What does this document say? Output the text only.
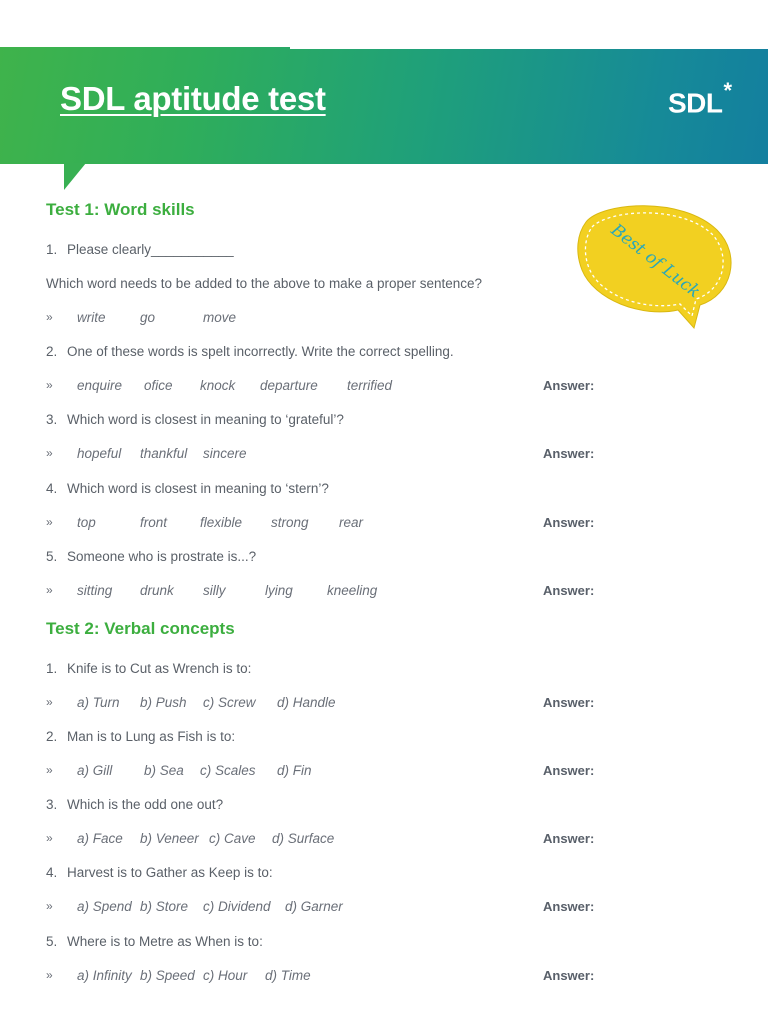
SDL aptitude test	SDL*
Best of Luck
Test 1: Word skills
1. Please clearly___________
Which word needs to be added to the above to make a proper sentence?
» write	go	move
2. One of these words is spelt incorrectly. Write the correct spelling.
» enquire ofice knock departure terrified	Answer:
3. Which word is closest in meaning to ‘grateful’?
» hopeful thankful sincere	Answer:
4. Which word is closest in meaning to ‘stern’?
» top	front flexible strong rear	Answer:
5. Someone who is prostrate is...?
» sitting drunk silly	lying	kneeling	Answer:
Test 2: Verbal concepts
1. Knife is to Cut as Wrench is to:
» a) Turn b) Push c) Screw d) Handle	Answer:
2. Man is to Lung as Fish is to:
» a) Gill b) Sea c) Scales d) Fin	Answer:
3. Which is the odd one out?
» a) Face b) Veneer c) Cave d) Surface	Answer:
4. Harvest is to Gather as Keep is to:
» a) Spend b) Store c) Dividend d) Garner	Answer:
5. Where is to Metre as When is to:
» a) Infinity b) Speed c) Hour d) Time	Answer:
